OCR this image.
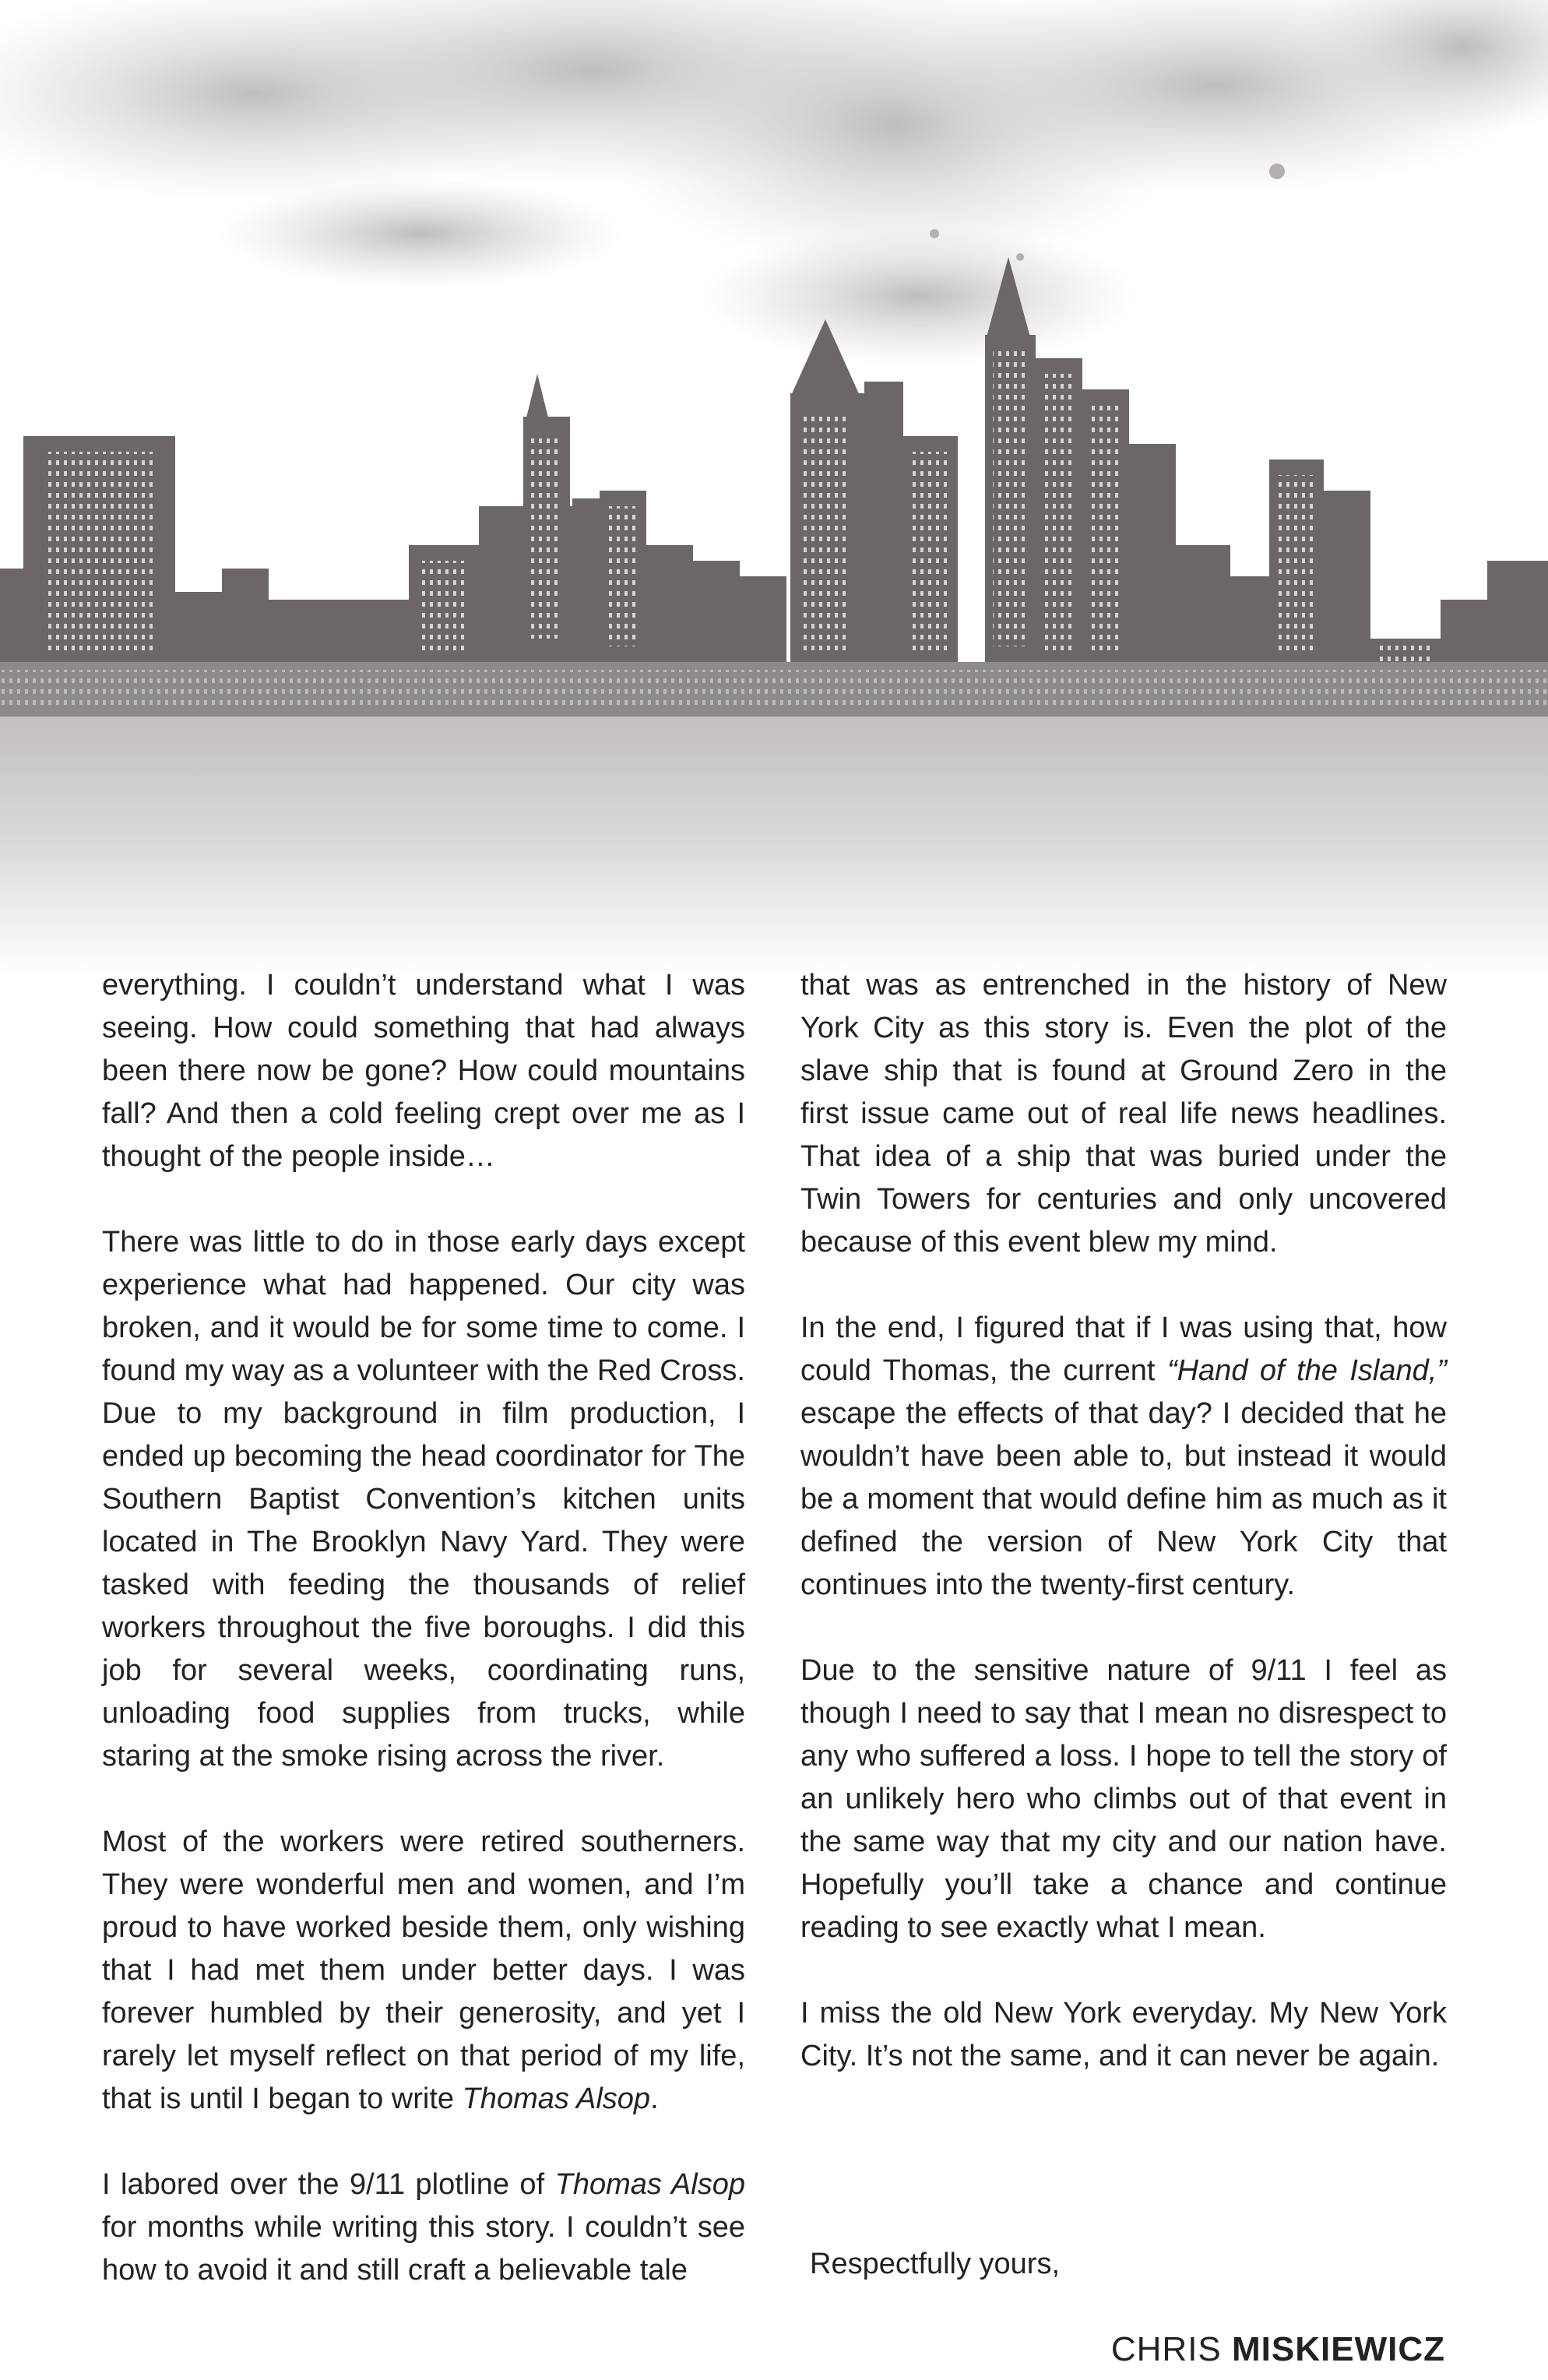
everything. I couldn’t understand what I was seeing. How could something that had always been there now be gone? How could mountains fall? And then a cold feeling crept over me as I thought of the people inside…

There was little to do in those early days except experience what had happened. Our city was broken, and it would be for some time to come. I found my way as a volunteer with the Red Cross. Due to my background in film production, I ended up becoming the head coordinator for The Southern Baptist Convention’s kitchen units located in The Brooklyn Navy Yard. They were tasked with feeding the thousands of relief workers throughout the five boroughs. I did this job for several weeks, coordinating runs, unloading food supplies from trucks, while staring at the smoke rising across the river.

Most of the workers were retired southerners. They were wonderful men and women, and I’m proud to have worked beside them, only wishing that I had met them under better days. I was forever humbled by their generosity, and yet I rarely let myself reflect on that period of my life, that is until I began to write Thomas Alsop.

I labored over the 9/11 plotline of Thomas Alsop for months while writing this story. I couldn’t see how to avoid it and still craft a believable tale

that was as entrenched in the history of New York City as this story is. Even the plot of the slave ship that is found at Ground Zero in the first issue came out of real life news headlines. That idea of a ship that was buried under the Twin Towers for centuries and only uncovered because of this event blew my mind.

In the end, I figured that if I was using that, how could Thomas, the current “Hand of the Island,” escape the effects of that day? I decided that he wouldn’t have been able to, but instead it would be a moment that would define him as much as it defined the version of New York City that continues into the twenty-first century.

Due to the sensitive nature of 9/11 I feel as though I need to say that I mean no disrespect to any who suffered a loss. I hope to tell the story of an unlikely hero who climbs out of that event in the same way that my city and our nation have. Hopefully you’ll take a chance and continue reading to see exactly what I mean.

I miss the old New York everyday. My New York City. It’s not the same, and it can never be again.

Respectfully yours,
CHRIS MISKIEWICZ
